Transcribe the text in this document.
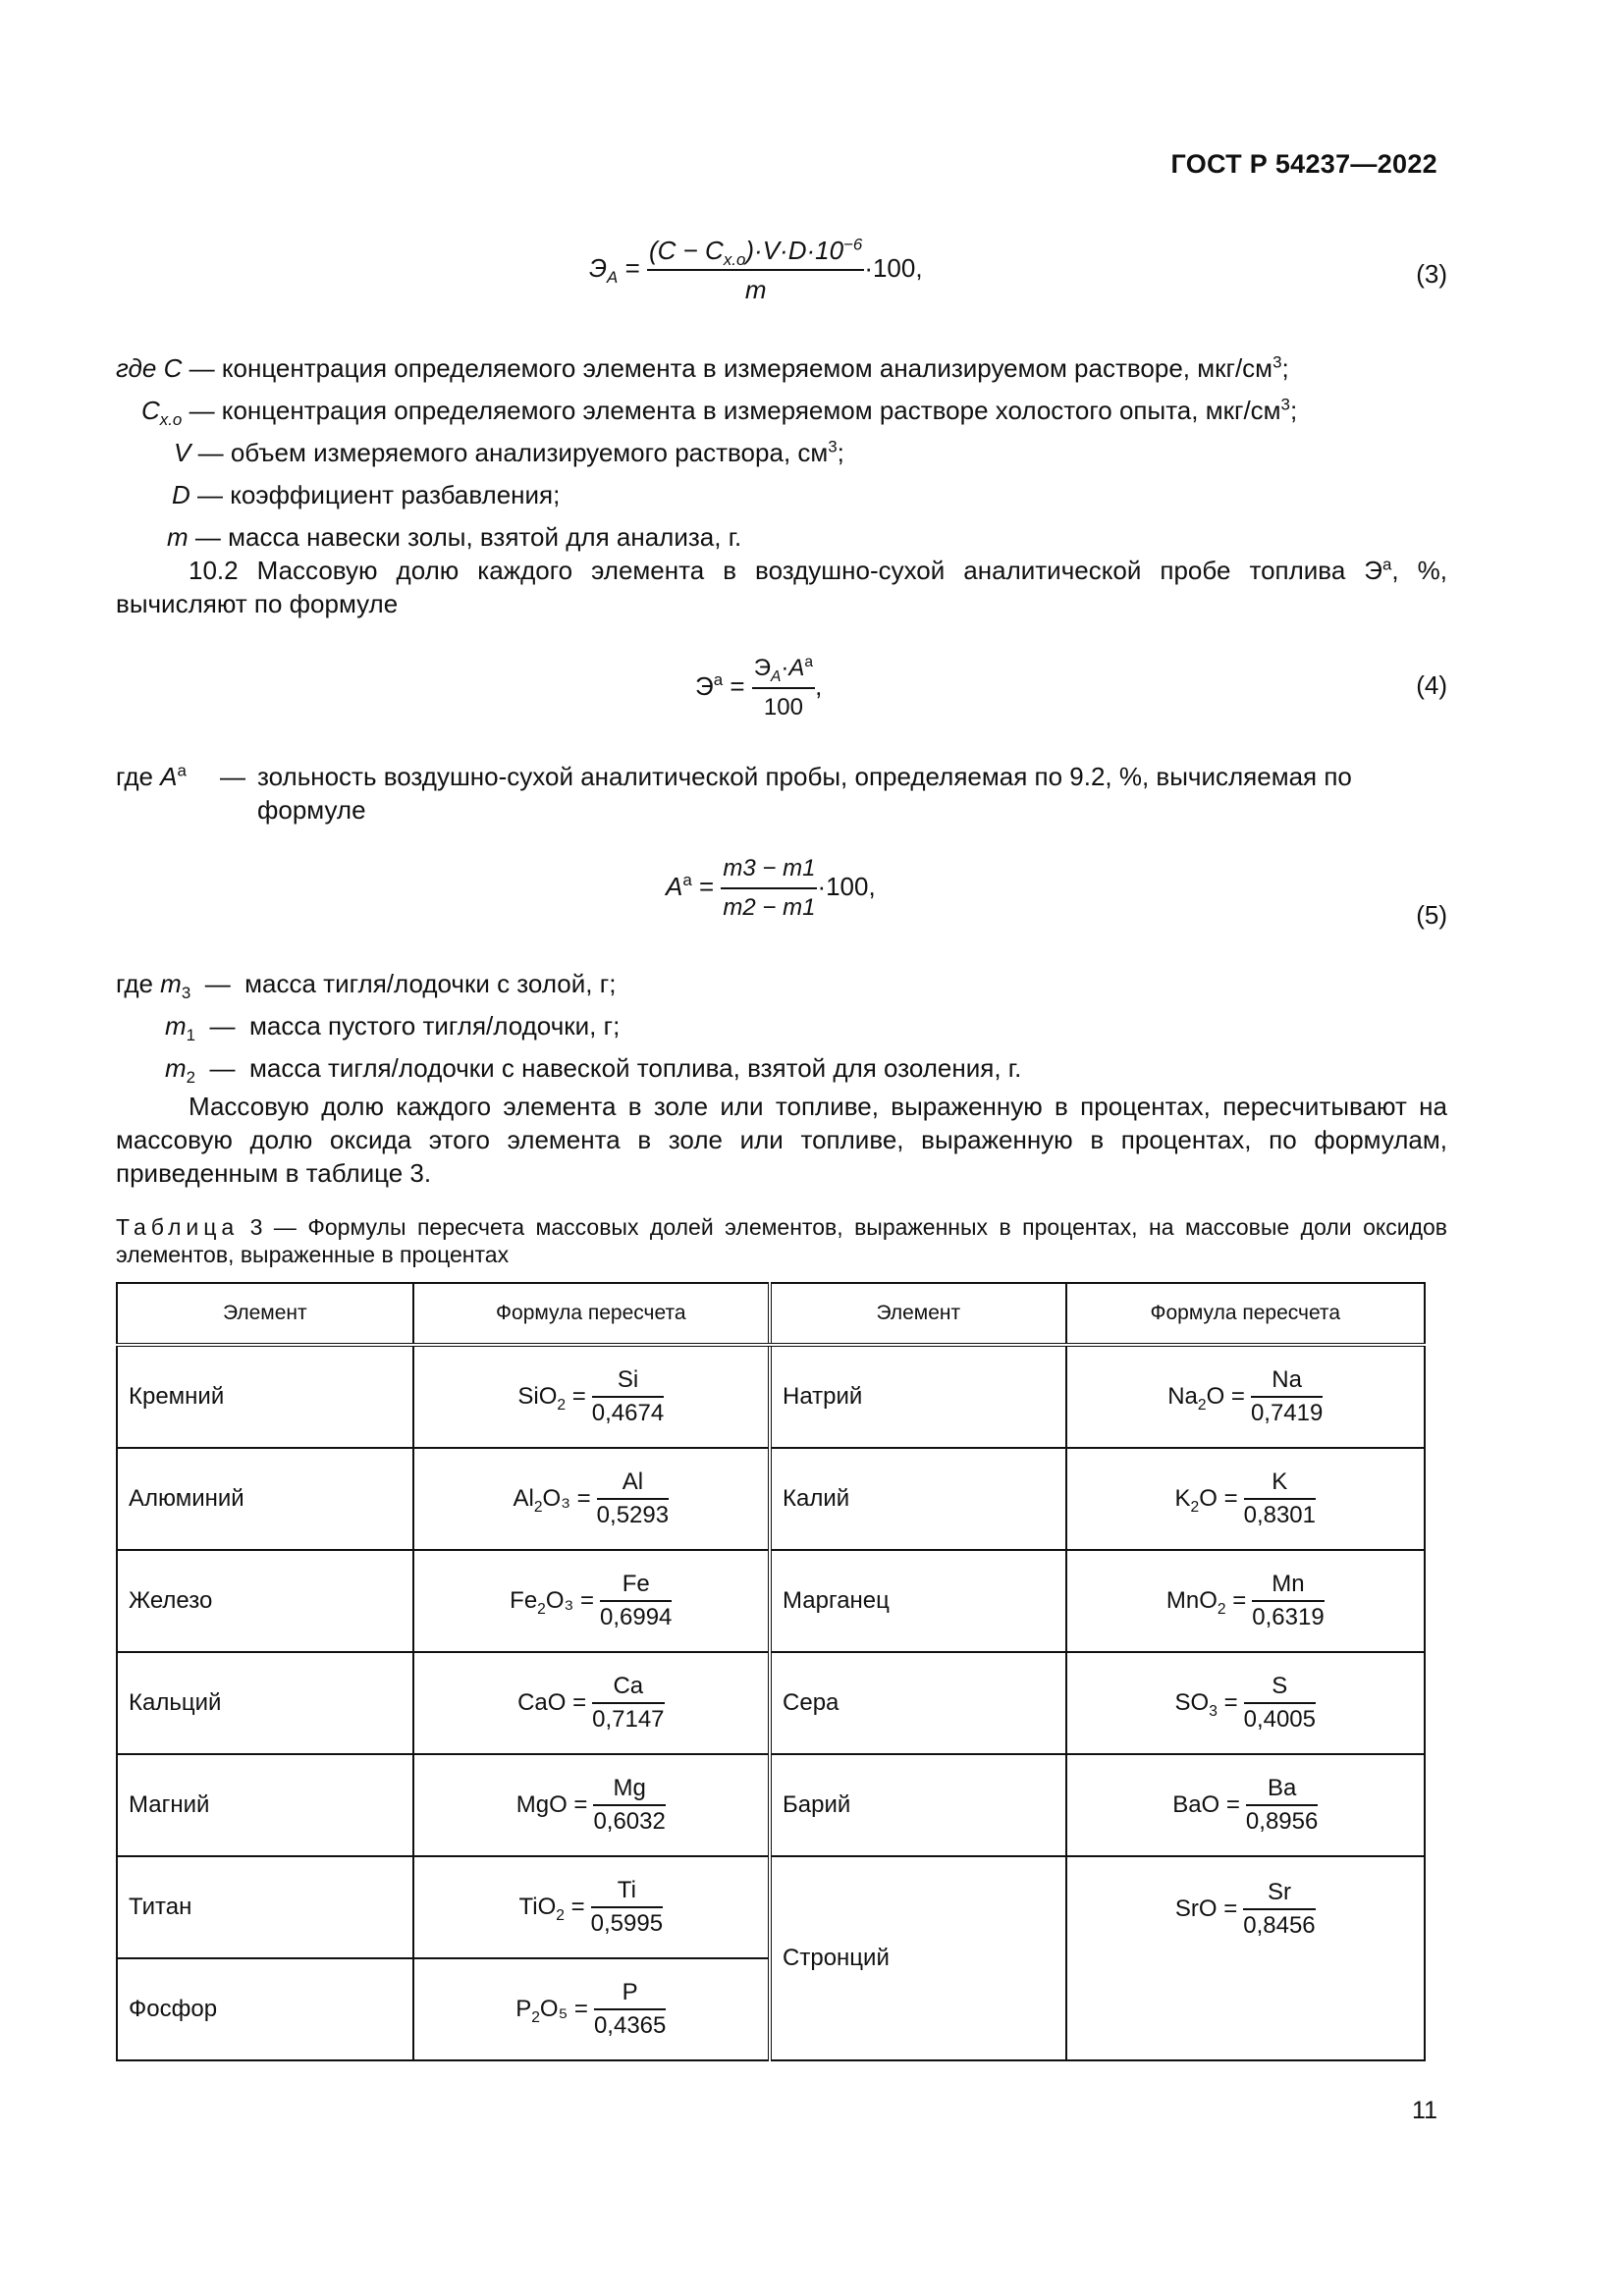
ГОСТ Р 54237—2022
$Э_A = \frac{(C - C_{x.o})\cdot V\cdot D\cdot 10^{-6}}{m} \cdot 100$,	(3)
где C — концентрация определяемого элемента в измеряемом анализируемом растворе, мкг/$см^3$;
$C_{x.o}$ — концентрация определяемого элемента в измеряемом растворе холостого опыта, мкг/$см^3$;
V — объем измеряемого анализируемого раствора, $см^3$;
D — коэффициент разбавления;
m — масса навески золы, взятой для анализа, г.
10.2 Массовую долю каждого элемента в воздушно-сухой аналитической пробе топлива $Э^а$, %, вычисляют по формуле
$Э^а = \frac{Э_A\cdot A^а}{100}$ ,	(4)
где $A^а$ — зольность воздушно-сухой аналитической пробы, определяемая по 9.2, %, вычисляемая по формуле
$A^а = \frac{m3 - m1}{m2 - m1} \cdot 100$,
(5)
где $m_3$ — масса тигля/лодочки с золой, г;
$m_1$ — масса пустого тигля/лодочки, г;
$m_2$ — масса тигля/лодочки с навеской топлива, взятой для озоления, г.
Массовую долю каждого элемента в золе или топливе, выраженную в процентах, пересчитывают на массовую долю оксида этого элемента в золе или топливе, выраженную в процентах, по формулам, приведенным в таблице 3.
Таблица 3 — Формулы пересчета массовых долей элементов, выраженных в процентах, на массовые доли оксидов элементов, выраженные в процентах
Элемент	Формула пересчета	Элемент	Формула пересчета
Кремний	$SiO_2 = \frac{Si}{0,4674}$	Натрий	$Na_2O = \frac{Na}{0,7419}$

Алюминий	$Al_2O_3 = \frac{Al}{0,5293}$	Калий	$K_2O = \frac{K}{0,8301}$

Железо	$Fe_2O_3 = \frac{Fe}{0,6994}$	Марганец	$MnO_2 = \frac{Mn}{0,6319}$

Кальций	CaO = $\frac{Ca}{0,7147}$	Сера	$SO_3 = \frac{S}{0,4005}$

Магний	MgO = $\frac{Mg}{0,6032}$	Барий	BaO = $\frac{Ba}{0,8956}$

Титан	$TiO_2 = \frac{Ti}{0,5995}$	Стронций	SrO = $\frac{Sr}{0,8456}$

Фосфор	$P_2O_5 = \frac{P}{0,4365}$
11
